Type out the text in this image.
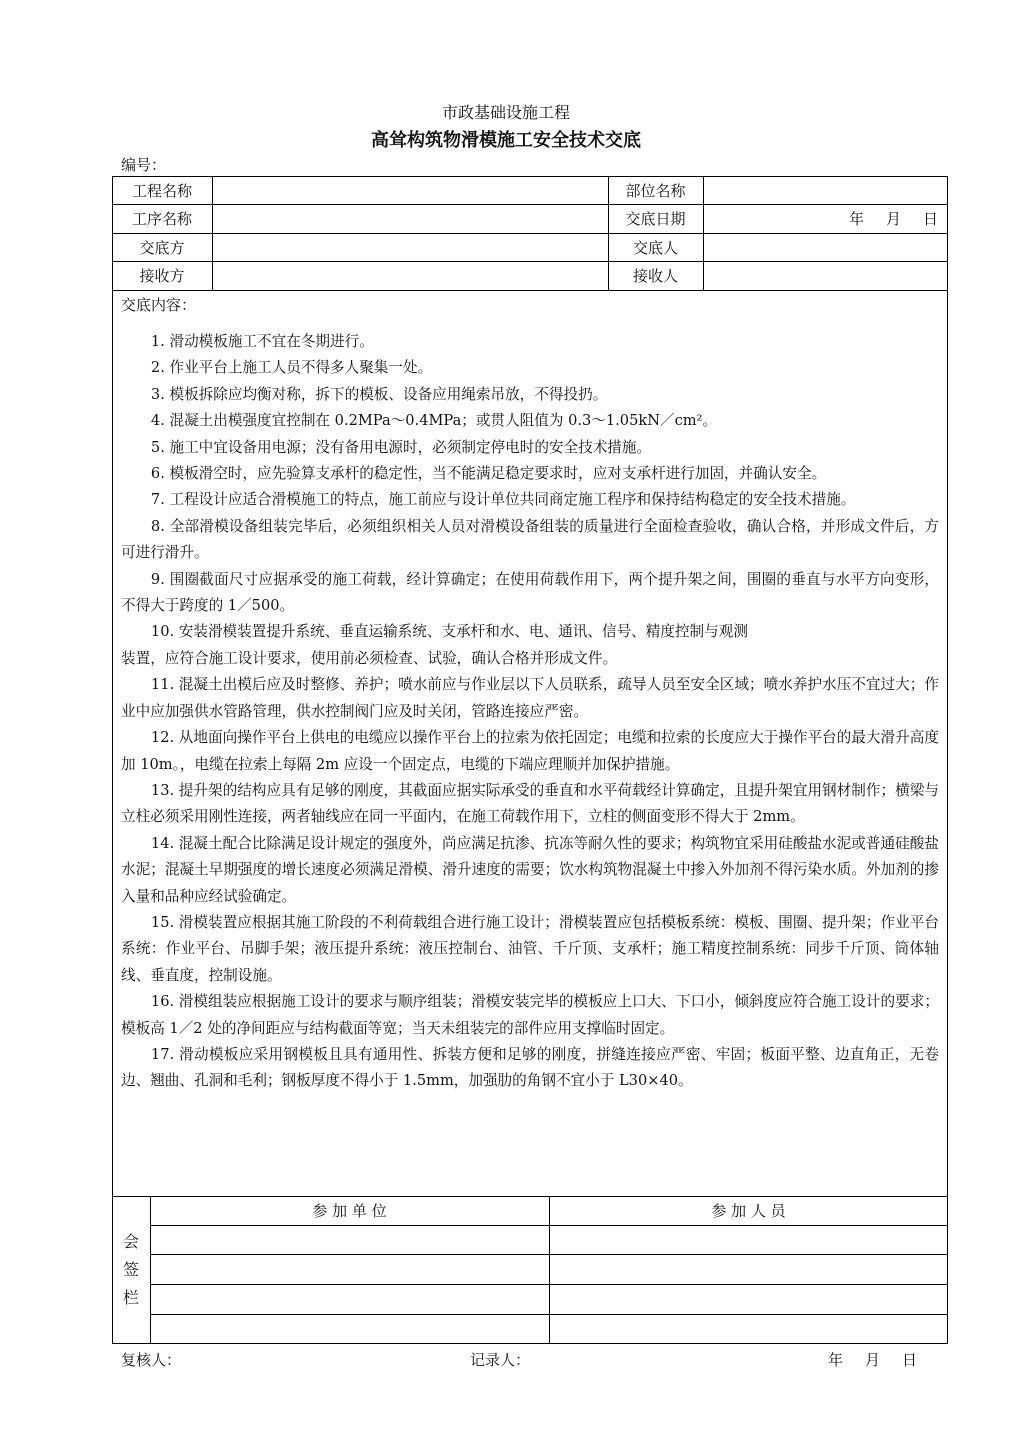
市政基础设施工程
高耸构筑物滑模施工安全技术交底
编号：
工程名称	部位名称
工序名称	交底日期	年 月 日
交底方	交底人
接收方	接收人
交底内容：

1. 滑动模板施工不宜在冬期进行。

2. 作业平台上施工人员不得多人聚集一处。

3. 模板拆除应均衡对称，拆下的模板、设备应用绳索吊放，不得投扔。

4. 混凝土出模强度宜控制在 0.2MPa～0.4MPa；或贯人阻值为 0.3～1.05kN／cm²。

5. 施工中宜设备用电源；没有备用电源时，必须制定停电时的安全技术措施。

6. 模板滑空时，应先验算支承杆的稳定性，当不能满足稳定要求时，应对支承杆进行加固，并确认安全。

7. 工程设计应适合滑模施工的特点，施工前应与设计单位共同商定施工程序和保持结构稳定的安全技术措施。

8. 全部滑模设备组装完毕后，必须组织相关人员对滑模设备组装的质量进行全面检查验收，确认合格，并形成文件后，方可进行滑升。

9. 围圈截面尺寸应据承受的施工荷载，经计算确定；在使用荷载作用下，两个提升架之间，围圈的垂直与水平方向变形，不得大于跨度的 1／500。

10. 安装滑模装置提升系统、垂直运输系统、支承杆和水、电、通讯、信号、精度控制与观测

装置，应符合施工设计要求，使用前必须检查、试验，确认合格并形成文件。

11. 混凝土出模后应及时整修、养护；喷水前应与作业层以下人员联系，疏导人员至安全区域；喷水养护水压不宜过大；作业中应加强供水管路管理，供水控制阀门应及时关闭，管路连接应严密。

12. 从地面向操作平台上供电的电缆应以操作平台上的拉索为依托固定；电缆和拉索的长度应大于操作平台的最大滑升高度加 10m。，电缆在拉索上每隔 2m 应设一个固定点，电缆的下端应理顺并加保护措施。

13. 提升架的结构应具有足够的刚度，其截面应据实际承受的垂直和水平荷载经计算确定，且提升架宜用钢材制作；横梁与立柱必须采用刚性连接，两者轴线应在同一平面内，在施工荷载作用下，立柱的侧面变形不得大于 2mm。

14. 混凝土配合比除满足设计规定的强度外，尚应满足抗渗、抗冻等耐久性的要求；构筑物宜采用硅酸盐水泥或普通硅酸盐水泥；混凝土早期强度的增长速度必须满足滑模、滑升速度的需要；饮水构筑物混凝土中掺入外加剂不得污染水质。外加剂的掺入量和品种应经试验确定。

15. 滑模装置应根据其施工阶段的不利荷载组合进行施工设计；滑模装置应包括模板系统：模板、围圈、提升架；作业平台系统：作业平台、吊脚手架；液压提升系统：液压控制台、油管、千斤顶、支承杆；施工精度控制系统：同步千斤顶、筒体轴线、垂直度，控制设施。

16. 滑模组装应根据施工设计的要求与顺序组装；滑模安装完毕的模板应上口大、下口小，倾斜度应符合施工设计的要求；模板高 1／2 处的净间距应与结构截面等宽；当天未组装完的部件应用支撑临时固定。

17. 滑动模板应采用钢模板且具有通用性、拆装方便和足够的刚度，拼缝连接应严密、牢固；板面平整、边直角正，无卷边、翘曲、孔洞和毛利；钢板厚度不得小于 1.5mm，加强肋的角钢不宜小于 L30×40。

会
签
栏
参 加 单 位	参 加 人 员
复核人：	记录人：	年 月 日
